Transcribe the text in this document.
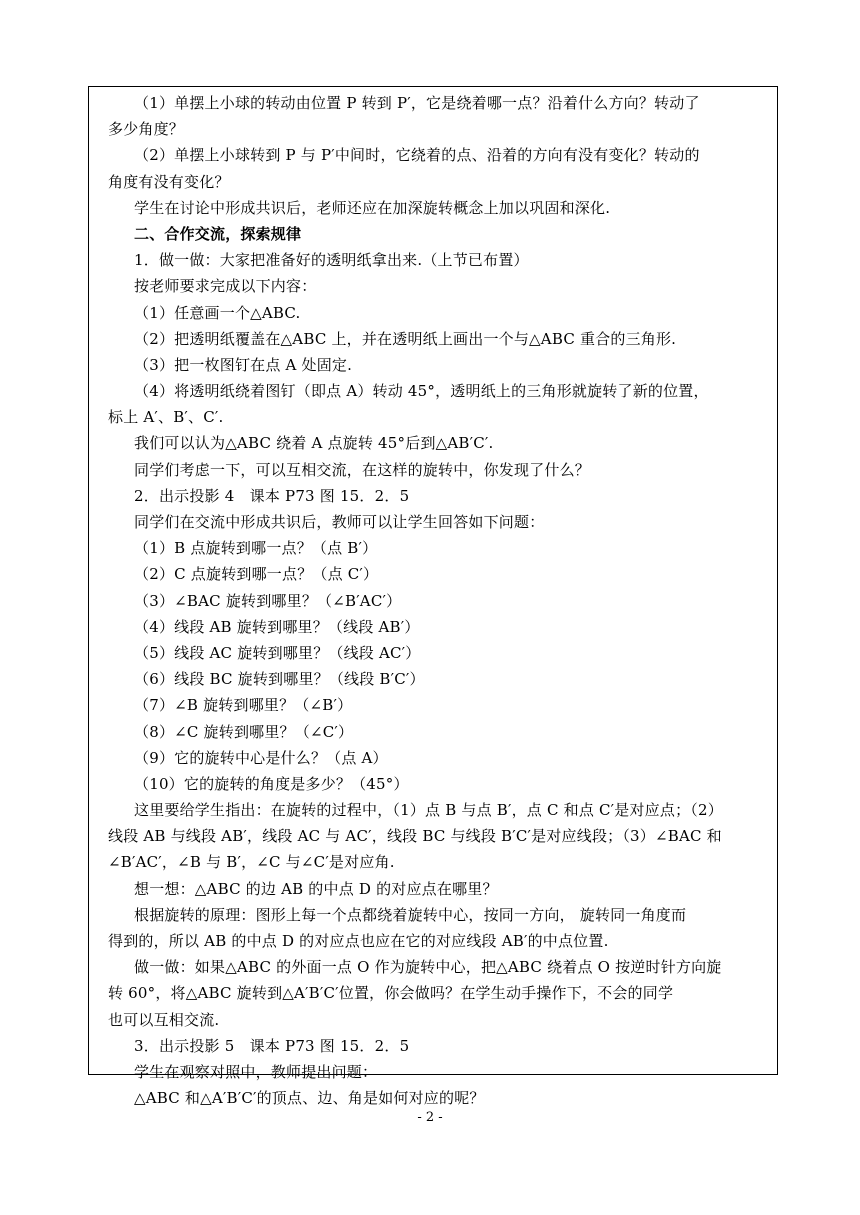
（1）单摆上小球的转动由位置 P 转到 P′，它是绕着哪一点？沿着什么方向？转动了
多少角度？
（2）单摆上小球转到 P 与 P′中间时，它绕着的点、沿着的方向有没有变化？转动的
角度有没有变化？
学生在讨论中形成共识后，老师还应在加深旋转概念上加以巩固和深化.
二、合作交流，探索规律
1．做一做：大家把准备好的透明纸拿出来.（上节已布置）
按老师要求完成以下内容：
（1）任意画一个△ABC.
（2）把透明纸覆盖在△ABC 上，并在透明纸上画出一个与△ABC 重合的三角形.
（3）把一枚图钉在点 A 处固定.
（4）将透明纸绕着图钉（即点 A）转动 45°，透明纸上的三角形就旋转了新的位置，
标上 A′、B′、C′.
我们可以认为△ABC 绕着 A 点旋转 45°后到△AB′C′.
同学们考虑一下，可以互相交流，在这样的旋转中，你发现了什么？
2．出示投影 4　课本 P73 图 15．2．5
同学们在交流中形成共识后，教师可以让学生回答如下问题：
（1）B 点旋转到哪一点？（点 B′）
（2）C 点旋转到哪一点？（点 C′）
（3）∠BAC 旋转到哪里？（∠B′AC′）
（4）线段 AB 旋转到哪里？（线段 AB′）
（5）线段 AC 旋转到哪里？（线段 AC′）
（6）线段 BC 旋转到哪里？（线段 B′C′）
（7）∠B 旋转到哪里？（∠B′）
（8）∠C 旋转到哪里？（∠C′）
（9）它的旋转中心是什么？（点 A）
（10）它的旋转的角度是多少？（45°）
这里要给学生指出：在旋转的过程中，（1）点 B 与点 B′，点 C 和点 C′是对应点；（2）
线段 AB 与线段 AB′，线段 AC 与 AC′，线段 BC 与线段 B′C′是对应线段；（3）∠BAC 和
∠B′AC′，∠B 与 B′，∠C 与∠C′是对应角.
想一想：△ABC 的边 AB 的中点 D 的对应点在哪里？
根据旋转的原理：图形上每一个点都绕着旋转中心，按同一方向， 旋转同一角度而
得到的，所以 AB 的中点 D 的对应点也应在它的对应线段 AB′的中点位置.
做一做：如果△ABC 的外面一点 O 作为旋转中心，把△ABC 绕着点 O 按逆时针方向旋
转 60°，将△ABC 旋转到△A′B′C′位置，你会做吗？在学生动手操作下，不会的同学
也可以互相交流.
3．出示投影 5　课本 P73 图 15．2．5
学生在观察对照中，教师提出问题：
△ABC 和△A′B′C′的顶点、边、角是如何对应的呢？
- 2 -
